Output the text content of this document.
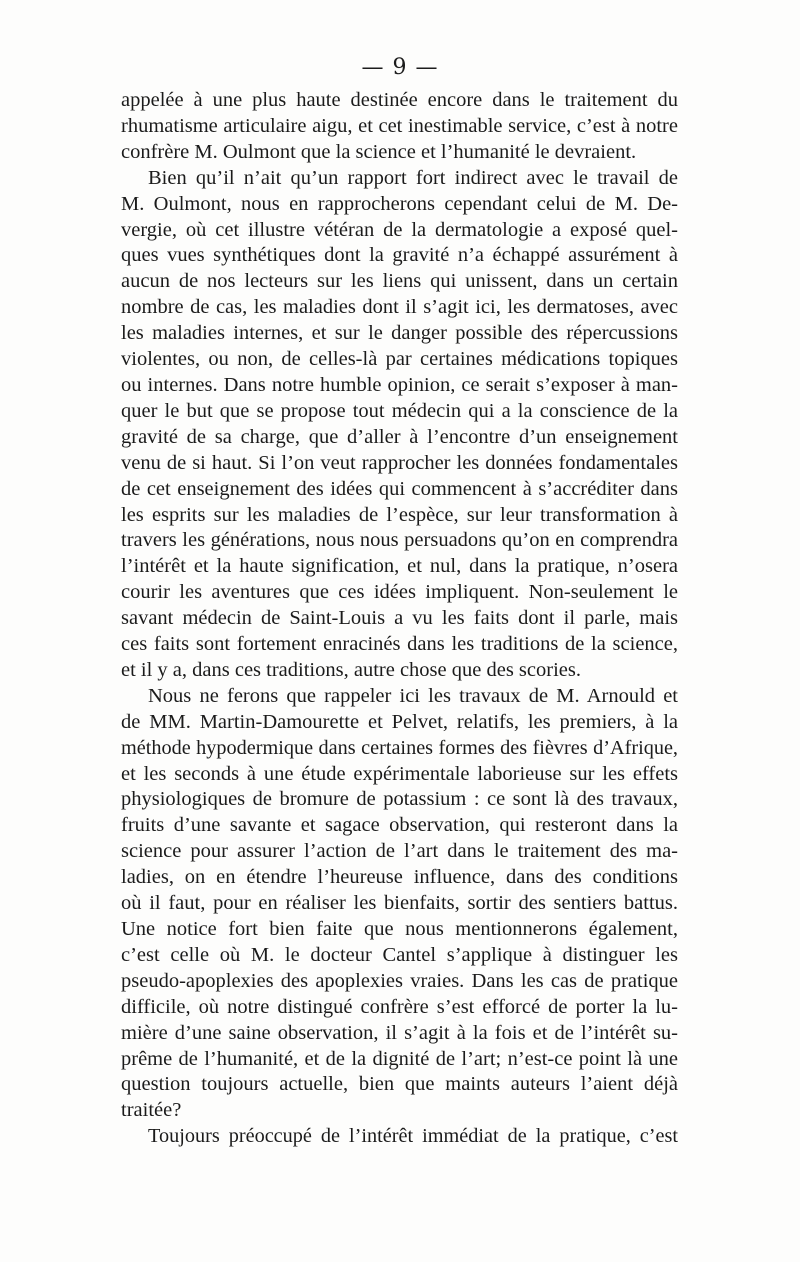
— 9 —
appelée à une plus haute destinée encore dans le traitement du
rhumatisme articulaire aigu, et cet inestimable service, c’est à notre
confrère M. Oulmont que la science et l’humanité le devraient.
Bien qu’il n’ait qu’un rapport fort indirect avec le travail de
M. Oulmont, nous en rapprocherons cependant celui de M. De-
vergie, où cet illustre vétéran de la dermatologie a exposé quel-
ques vues synthétiques dont la gravité n’a échappé assurément à
aucun de nos lecteurs sur les liens qui unissent, dans un certain
nombre de cas, les maladies dont il s’agit ici, les dermatoses, avec
les maladies internes, et sur le danger possible des répercussions
violentes, ou non, de celles-là par certaines médications topiques
ou internes. Dans notre humble opinion, ce serait s’exposer à man-
quer le but que se propose tout médecin qui a la conscience de la
gravité de sa charge, que d’aller à l’encontre d’un enseignement
venu de si haut. Si l’on veut rapprocher les données fondamentales
de cet enseignement des idées qui commencent à s’accréditer dans
les esprits sur les maladies de l’espèce, sur leur transformation à
travers les générations, nous nous persuadons qu’on en comprendra
l’intérêt et la haute signification, et nul, dans la pratique, n’osera
courir les aventures que ces idées impliquent. Non-seulement le
savant médecin de Saint-Louis a vu les faits dont il parle, mais
ces faits sont fortement enracinés dans les traditions de la science,
et il y a, dans ces traditions, autre chose que des scories.
Nous ne ferons que rappeler ici les travaux de M. Arnould et
de MM. Martin-Damourette et Pelvet, relatifs, les premiers, à la
méthode hypodermique dans certaines formes des fièvres d’Afrique,
et les seconds à une étude expérimentale laborieuse sur les effets
physiologiques de bromure de potassium : ce sont là des travaux,
fruits d’une savante et sagace observation, qui resteront dans la
science pour assurer l’action de l’art dans le traitement des ma-
ladies, on en étendre l’heureuse influence, dans des conditions
où il faut, pour en réaliser les bienfaits, sortir des sentiers battus.
Une notice fort bien faite que nous mentionnerons également,
c’est celle où M. le docteur Cantel s’applique à distinguer les
pseudo-apoplexies des apoplexies vraies. Dans les cas de pratique
difficile, où notre distingué confrère s’est efforcé de porter la lu-
mière d’une saine observation, il s’agit à la fois et de l’intérêt su-
prême de l’humanité, et de la dignité de l’art; n’est-ce point là une
question toujours actuelle, bien que maints auteurs l’aient déjà
traitée?
Toujours préoccupé de l’intérêt immédiat de la pratique, c’est
